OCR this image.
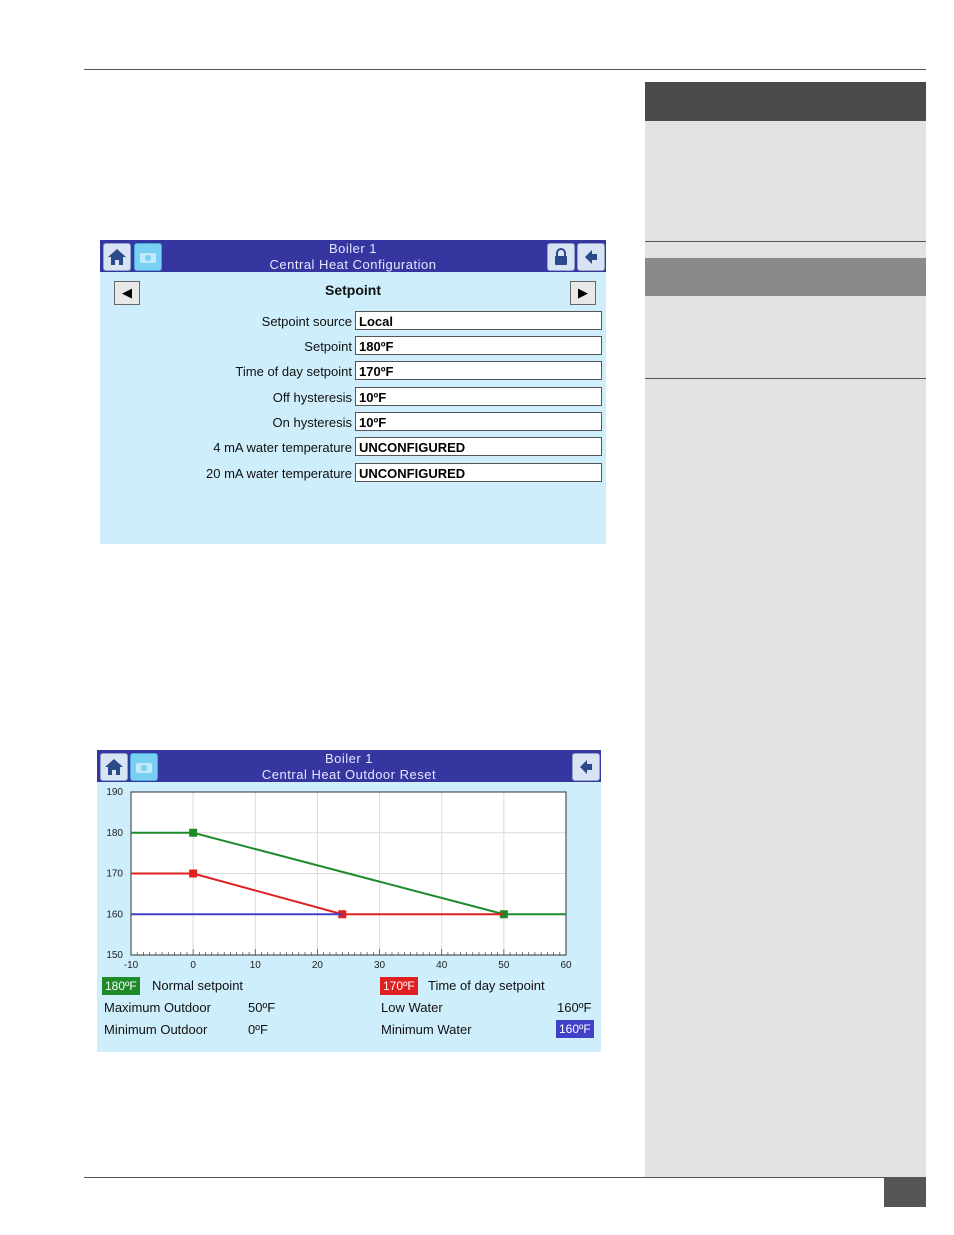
Boiler 1
Central Heat Configuration
◀	Setpoint	▶
Setpoint source Local
Setpoint 180ºF
Time of day setpoint 170ºF
Off hysteresis 10ºF
On hysteresis 10ºF
4 mA water temperature UNCONFIGURED
20 mA water temperature UNCONFIGURED
Boiler 1
Central Heat Outdoor Reset
-10	0	10	20	30	40	50	60
150
160
170
180
190
180ºF Normal setpoint	170ºF Time of day setpoint
Maximum Outdoor	50ºF	Low Water	160ºF
Minimum Outdoor	0ºF	Minimum Water	160ºF
